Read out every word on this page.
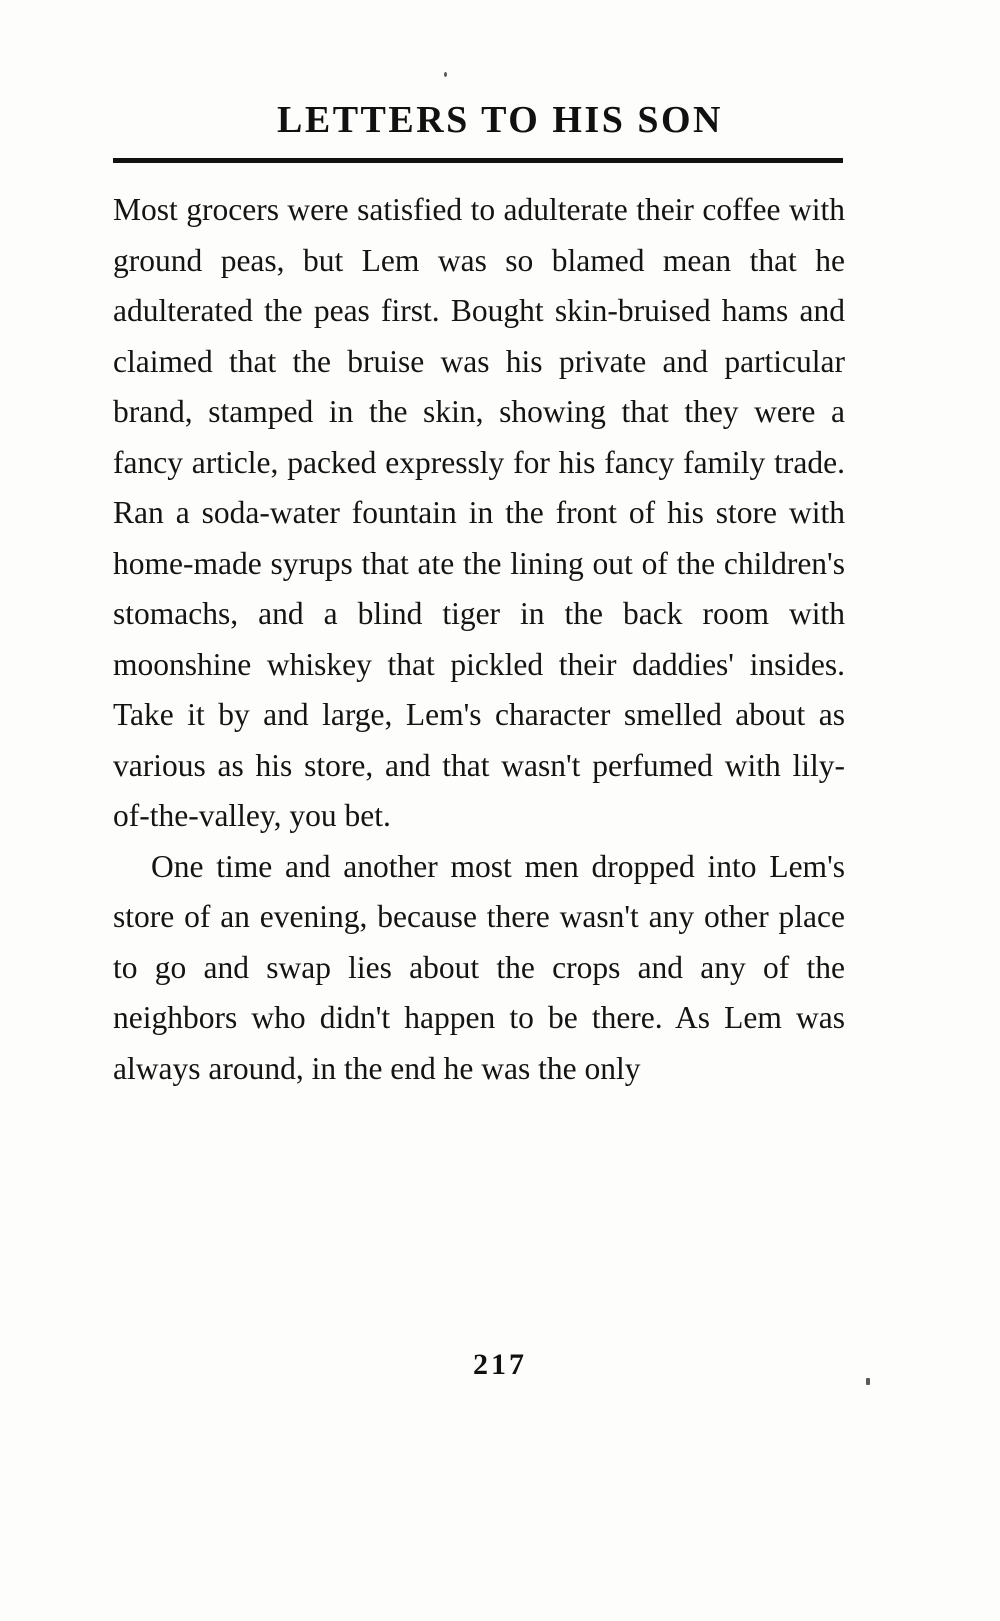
LETTERS TO HIS SON

Most grocers were satisfied to adulterate their coffee with ground peas, but Lem was so blamed mean that he adulterated the peas first. Bought skin-bruised hams and claimed that the bruise was his private and particular brand, stamped in the skin, showing that they were a fancy article, packed expressly for his fancy family trade. Ran a soda-water fountain in the front of his store with home-made syrups that ate the lining out of the children's stomachs, and a blind tiger in the back room with moonshine whiskey that pickled their daddies' insides. Take it by and large, Lem's character smelled about as various as his store, and that wasn't perfumed with lily-of-the-valley, you bet.

One time and another most men dropped into Lem's store of an evening, because there wasn't any other place to go and swap lies about the crops and any of the neighbors who didn't happen to be there. As Lem was always around, in the end he was the only

217
